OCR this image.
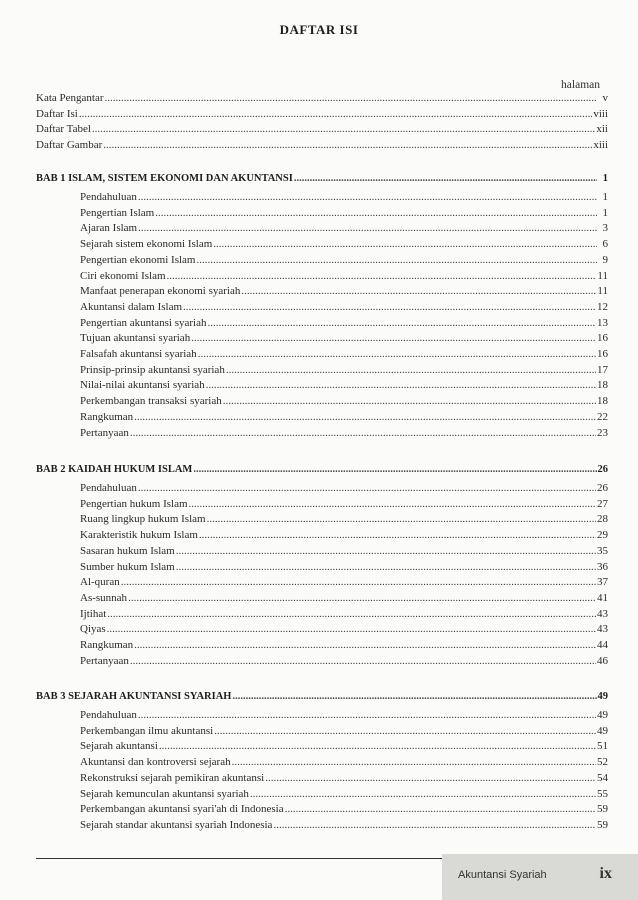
DAFTAR ISI
halaman
Kata Pengantar .....	v
Daftar Isi .....	viii
Daftar Tabel .....	xii
Daftar Gambar .....	xiii
BAB 1 ISLAM, SISTEM EKONOMI DAN AKUNTANSI .....	1
Pendahuluan .....	1
Pengertian Islam .....	1
Ajaran Islam .....	3
Sejarah sistem ekonomi Islam .....	6
Pengertian ekonomi Islam .....	9
Ciri ekonomi Islam .....	11
Manfaat penerapan ekonomi syariah .....	11
Akuntansi dalam Islam .....	12
Pengertian akuntansi syariah .....	13
Tujuan akuntansi syariah .....	16
Falsafah akuntansi syariah .....	16
Prinsip-prinsip akuntansi syariah .....	17
Nilai-nilai akuntansi syariah .....	18
Perkembangan transaksi syariah .....	18
Rangkuman .....	22
Pertanyaan .....	23
BAB 2 KAIDAH HUKUM ISLAM .....	26
Pendahuluan .....	26
Pengertian hukum Islam .....	27
Ruang lingkup hukum Islam .....	28
Karakteristik hukum Islam .....	29
Sasaran hukum Islam .....	35
Sumber hukum Islam .....	36
Al-quran .....	37
As-sunnah .....	41
Ijtihat .....	43
Qiyas .....	43
Rangkuman .....	44
Pertanyaan .....	46
BAB 3 SEJARAH AKUNTANSI SYARIAH .....	49
Pendahuluan .....	49
Perkembangan ilmu akuntansi .....	49
Sejarah akuntansi .....	51
Akuntansi dan kontroversi sejarah .....	52
Rekonstruksi sejarah pemikiran akuntansi .....	54
Sejarah kemunculan akuntansi syariah .....	55
Perkembangan akuntansi syari'ah di Indonesia .....	59
Sejarah standar akuntansi syariah Indonesia .....	59
Akuntansi Syariah	ix
